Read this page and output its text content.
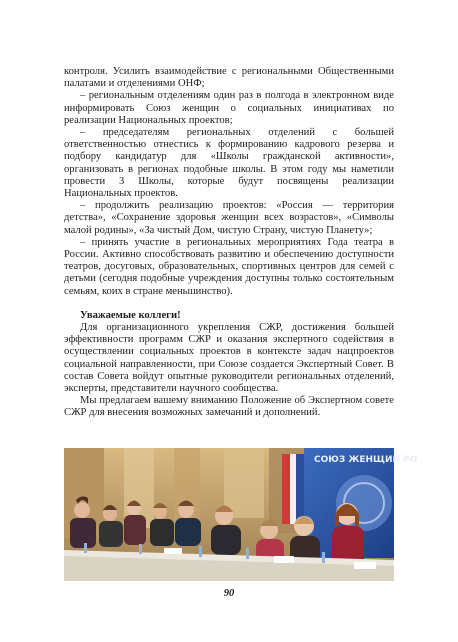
контроля. Усилить взаимодействие с региональными Общественными палатами и отделениями ОНФ;

– региональным отделениям один раз в полгода в электронном виде информировать Союз женщин о социальных инициативах по реализации Национальных проектов;

– председателям региональных отделений с большей ответственностью отнестись к формированию кадрового резерва и подбору кандидатур для «Школы гражданской активности», организовать в регионах подобные школы. В этом году мы наметили провести 3 Школы, которые будут посвящены реализации Национальных проектов.

– продолжить реализацию проектов: «Россия — территория детства», «Сохранение здоровья женщин всех возрастов», «Символы малой родины», «За чистый Дом, чистую Страну, чистую Планету»;

– принять участие в региональных мероприятиях Года театра в России. Активно способствовать развитию и обеспечению доступности театров, досуговых, образовательных, спортивных центров для семей с детьми (сегодня подобные учреждения доступны только состоятельным семьям, коих в стране меньшинство).

Уважаемые коллеги!

Для организационного укрепления СЖР, достижения большей эффективности программ СЖР и оказания экспертного содействия в осуществлении социальных проектов в контексте задач нацпроектов социальной направленности, при Союзе создается Экспертный Совет. В состав Совета войдут опытные руководители региональных отделений, эксперты, представители научного сообщества.

Мы предлагаем вашему вниманию Положение об Экспертном совете СЖР для внесения возможных замечаний и дополнений.

СОЮЗ ЖЕНЩИН РО
90
